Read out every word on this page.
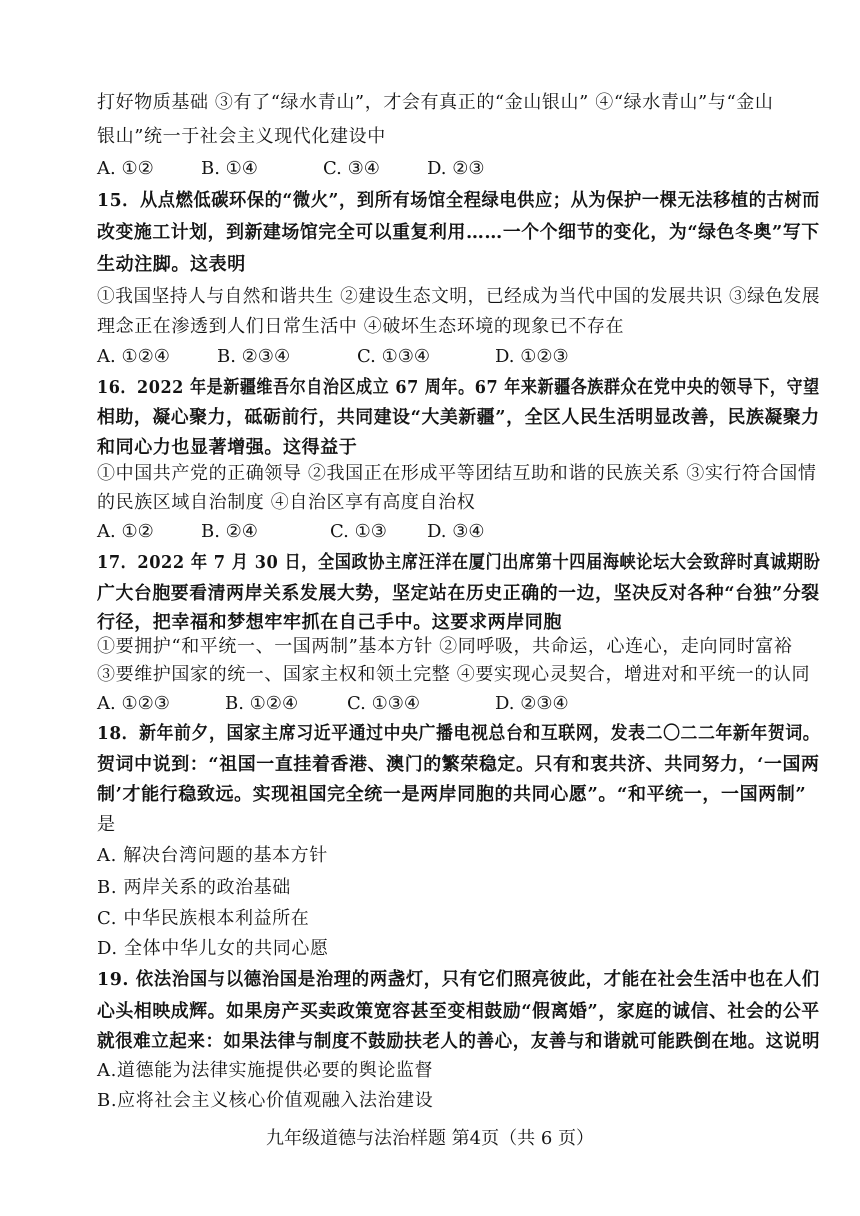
打好物质基础 ③有了“绿水青山”，才会有真正的“金山银山” ④“绿水青山”与“金山
银山”统一于社会主义现代化建设中
A. ①②	B. ①④	C. ③④	D. ②③
15．从点燃低碳环保的“微火”，到所有场馆全程绿电供应；从为保护一棵无法移植的古树而
改变施工计划，到新建场馆完全可以重复利用……一个个细节的变化，为“绿色冬奥”写下
生动注脚。这表明
①我国坚持人与自然和谐共生 ②建设生态文明，已经成为当代中国的发展共识 ③绿色发展
理念正在渗透到人们日常生活中 ④破坏生态环境的现象已不存在
A. ①②④	B. ②③④	C. ①③④	D. ①②③
16．2022 年是新疆维吾尔自治区成立 67 周年。67 年来新疆各族群众在党中央的领导下，守望
相助，凝心聚力，砥砺前行，共同建设“大美新疆”，全区人民生活明显改善，民族凝聚力
和同心力也显著增强。这得益于
①中国共产党的正确领导 ②我国正在形成平等团结互助和谐的民族关系 ③实行符合国情
的民族区域自治制度 ④自治区享有高度自治权
A. ①②	B. ②④	C. ①③ D. ③④
17．2022 年 7 月 30 日，全国政协主席汪洋在厦门出席第十四届海峡论坛大会致辞时真诚期盼
广大台胞要看清两岸关系发展大势，坚定站在历史正确的一边，坚决反对各种“台独”分裂
行径，把幸福和梦想牢牢抓在自己手中。这要求两岸同胞
①要拥护“和平统一、一国两制”基本方针 ②同呼吸，共命运，心连心，走向同时富裕
③要维护国家的统一、国家主权和领土完整 ④要实现心灵契合，增进对和平统一的认同
A. ①②③	B. ①②④	C. ①③④	D. ②③④
18．新年前夕，国家主席习近平通过中央广播电视总台和互联网，发表二〇二二年新年贺词。
贺词中说到：“祖国一直挂着香港、澳门的繁荣稳定。只有和衷共济、共同努力，‘一国两
制’才能行稳致远。实现祖国完全统一是两岸同胞的共同心愿”。“和平统一，一国两制”
是
A. 解决台湾问题的基本方针
B. 两岸关系的政治基础
C. 中华民族根本利益所在
D. 全体中华儿女的共同心愿
19. 依法治国与以德治国是治理的两盏灯，只有它们照亮彼此，才能在社会生活中也在人们
心头相映成辉。如果房产买卖政策宽容甚至变相鼓励“假离婚”，家庭的诚信、社会的公平
就很难立起来：如果法律与制度不鼓励扶老人的善心，友善与和谐就可能跌倒在地。这说明
A.道德能为法律实施提供必要的舆论监督
B.应将社会主义核心价值观融入法治建设
九年级道德与法治样题 第4页（共 6 页）
